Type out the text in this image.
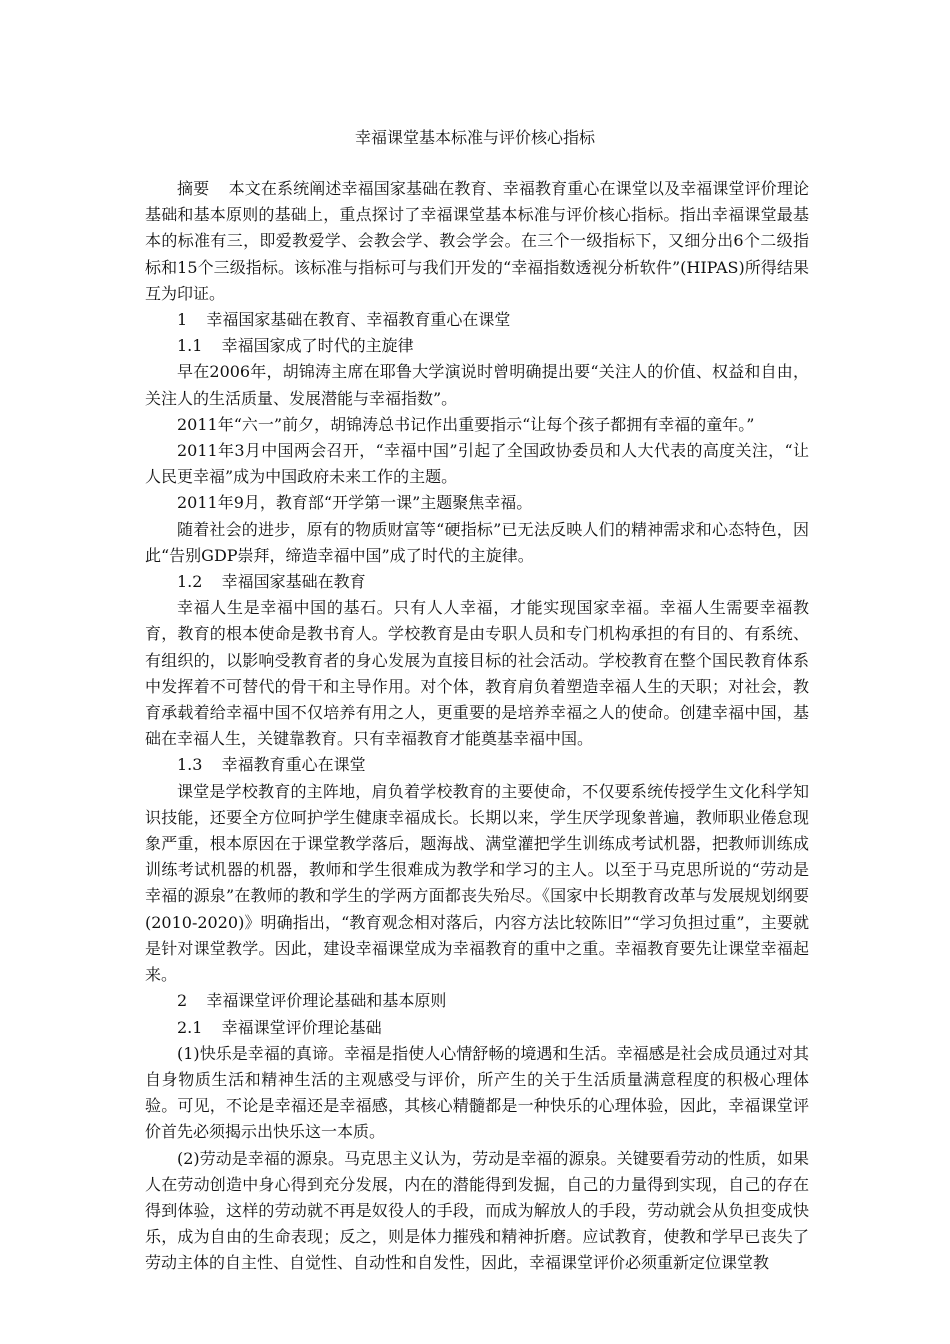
幸福课堂基本标准与评价核心指标

摘要 本文在系统阐述幸福国家基础在教育、幸福教育重心在课堂以及幸福课堂评价理论基础和基本原则的基础上，重点探讨了幸福课堂基本标准与评价核心指标。指出幸福课堂最基本的标准有三，即爱教爱学、会教会学、教会学会。在三个一级指标下，又细分出6个二级指标和15个三级指标。该标准与指标可与我们开发的“幸福指数透视分析软件”(HIPAS)所得结果互为印证。

1 幸福国家基础在教育、幸福教育重心在课堂

1.1 幸福国家成了时代的主旋律

早在2006年，胡锦涛主席在耶鲁大学演说时曾明确提出要“关注人的价值、权益和自由，关注人的生活质量、发展潜能与幸福指数”。

2011年“六一”前夕，胡锦涛总书记作出重要指示“让每个孩子都拥有幸福的童年。”

2011年3月中国两会召开，“幸福中国”引起了全国政协委员和人大代表的高度关注，“让人民更幸福”成为中国政府未来工作的主题。

2011年9月，教育部“开学第一课”主题聚焦幸福。

随着社会的进步，原有的物质财富等“硬指标”已无法反映人们的精神需求和心态特色，因此“告别GDP崇拜，缔造幸福中国”成了时代的主旋律。

1.2 幸福国家基础在教育

幸福人生是幸福中国的基石。只有人人幸福，才能实现国家幸福。幸福人生需要幸福教育，教育的根本使命是教书育人。学校教育是由专职人员和专门机构承担的有目的、有系统、有组织的，以影响受教育者的身心发展为直接目标的社会活动。学校教育在整个国民教育体系中发挥着不可替代的骨干和主导作用。对个体，教育肩负着塑造幸福人生的天职；对社会，教育承载着给幸福中国不仅培养有用之人，更重要的是培养幸福之人的使命。创建幸福中国，基础在幸福人生，关键靠教育。只有幸福教育才能奠基幸福中国。

1.3 幸福教育重心在课堂

课堂是学校教育的主阵地，肩负着学校教育的主要使命，不仅要系统传授学生文化科学知识技能，还要全方位呵护学生健康幸福成长。长期以来，学生厌学现象普遍，教师职业倦怠现象严重，根本原因在于课堂教学落后，题海战、满堂灌把学生训练成考试机器，把教师训练成训练考试机器的机器，教师和学生很难成为教学和学习的主人。以至于马克思所说的“劳动是幸福的源泉”在教师的教和学生的学两方面都丧失殆尽。《国家中长期教育改革与发展规划纲要(2010-2020)》明确指出，“教育观念相对落后，内容方法比较陈旧”“学习负担过重”，主要就是针对课堂教学。因此，建设幸福课堂成为幸福教育的重中之重。幸福教育要先让课堂幸福起来。

2 幸福课堂评价理论基础和基本原则

2.1 幸福课堂评价理论基础

(1)快乐是幸福的真谛。幸福是指使人心情舒畅的境遇和生活。幸福感是社会成员通过对其自身物质生活和精神生活的主观感受与评价，所产生的关于生活质量满意程度的积极心理体验。可见，不论是幸福还是幸福感，其核心精髓都是一种快乐的心理体验，因此，幸福课堂评价首先必须揭示出快乐这一本质。

(2)劳动是幸福的源泉。马克思主义认为，劳动是幸福的源泉。关键要看劳动的性质，如果人在劳动创造中身心得到充分发展，内在的潜能得到发掘，自己的力量得到实现，自己的存在得到体验，这样的劳动就不再是奴役人的手段，而成为解放人的手段，劳动就会从负担变成快乐，成为自由的生命表现；反之，则是体力摧残和精神折磨。应试教育，使教和学早已丧失了劳动主体的自主性、自觉性、自动性和自发性，因此，幸福课堂评价必须重新定位课堂教
